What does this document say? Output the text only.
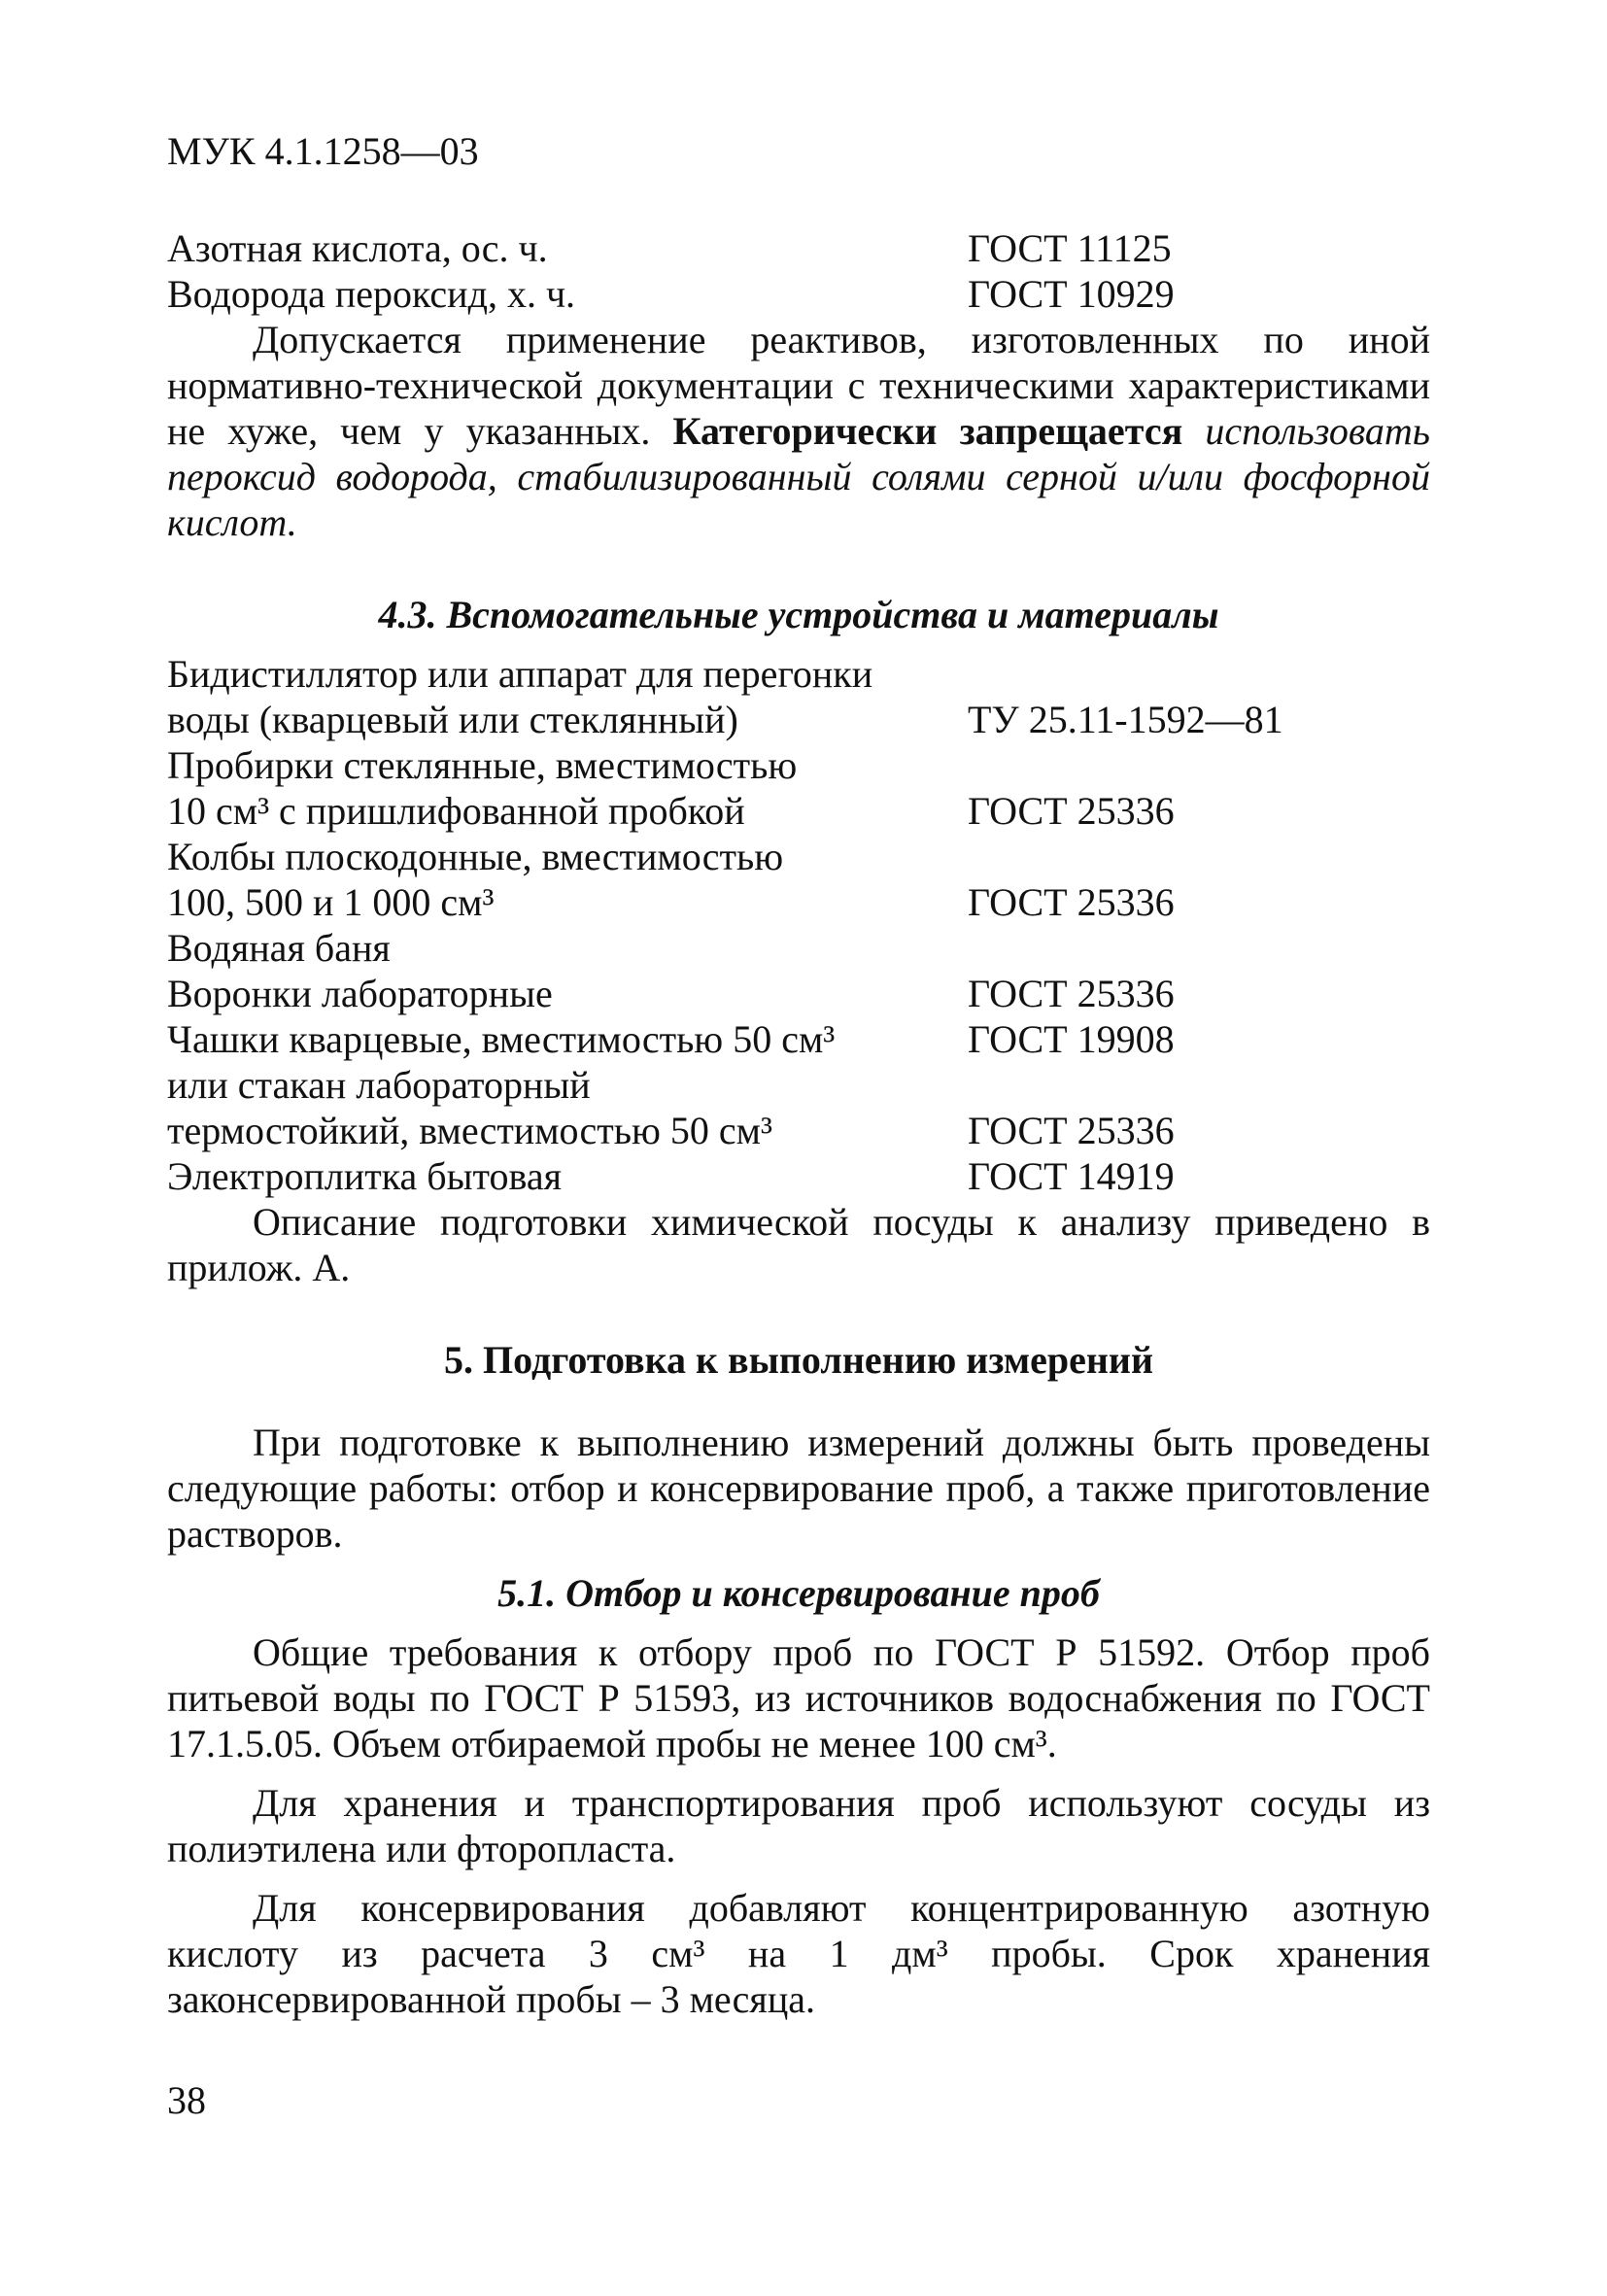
МУК 4.1.1258—03
Азотная кислота, ос. ч.	ГОСТ 11125
Водорода пероксид, х. ч.	ГОСТ 10929

Допускается применение реактивов, изготовленных по иной нормативно-технической документации с техническими характеристиками не хуже, чем у указанных. Категорически запрещается использовать пероксид водорода, стабилизированный солями серной и/или фосфорной кислот.

4.3. Вспомогательные устройства и материалы

Бидистиллятор или аппарат для перегонки
воды (кварцевый или стеклянный)	ТУ 25.11-1592—81
Пробирки стеклянные, вместимостью
10 см³ с пришлифованной пробкой	ГОСТ 25336
Колбы плоскодонные, вместимостью
100, 500 и 1 000 см³	ГОСТ 25336
Водяная баня
Воронки лабораторные	ГОСТ 25336
Чашки кварцевые, вместимостью 50 см³	ГОСТ 19908
или стакан лабораторный
термостойкий, вместимостью 50 см³	ГОСТ 25336
Электроплитка бытовая	ГОСТ 14919

Описание подготовки химической посуды к анализу приведено в прилож. А.

5. Подготовка к выполнению измерений

При подготовке к выполнению измерений должны быть проведены следующие работы: отбор и консервирование проб, а также приготовление растворов.

5.1. Отбор и консервирование проб

Общие требования к отбору проб по ГОСТ Р 51592. Отбор проб питьевой воды по ГОСТ Р 51593, из источников водоснабжения по ГОСТ 17.1.5.05. Объем отбираемой пробы не менее 100 см³.

Для хранения и транспортирования проб используют сосуды из полиэтилена или фторопласта.

Для консервирования добавляют концентрированную азотную кислоту из расчета 3 см³ на 1 дм³ пробы. Срок хранения законсервированной пробы – 3 месяца.

38
